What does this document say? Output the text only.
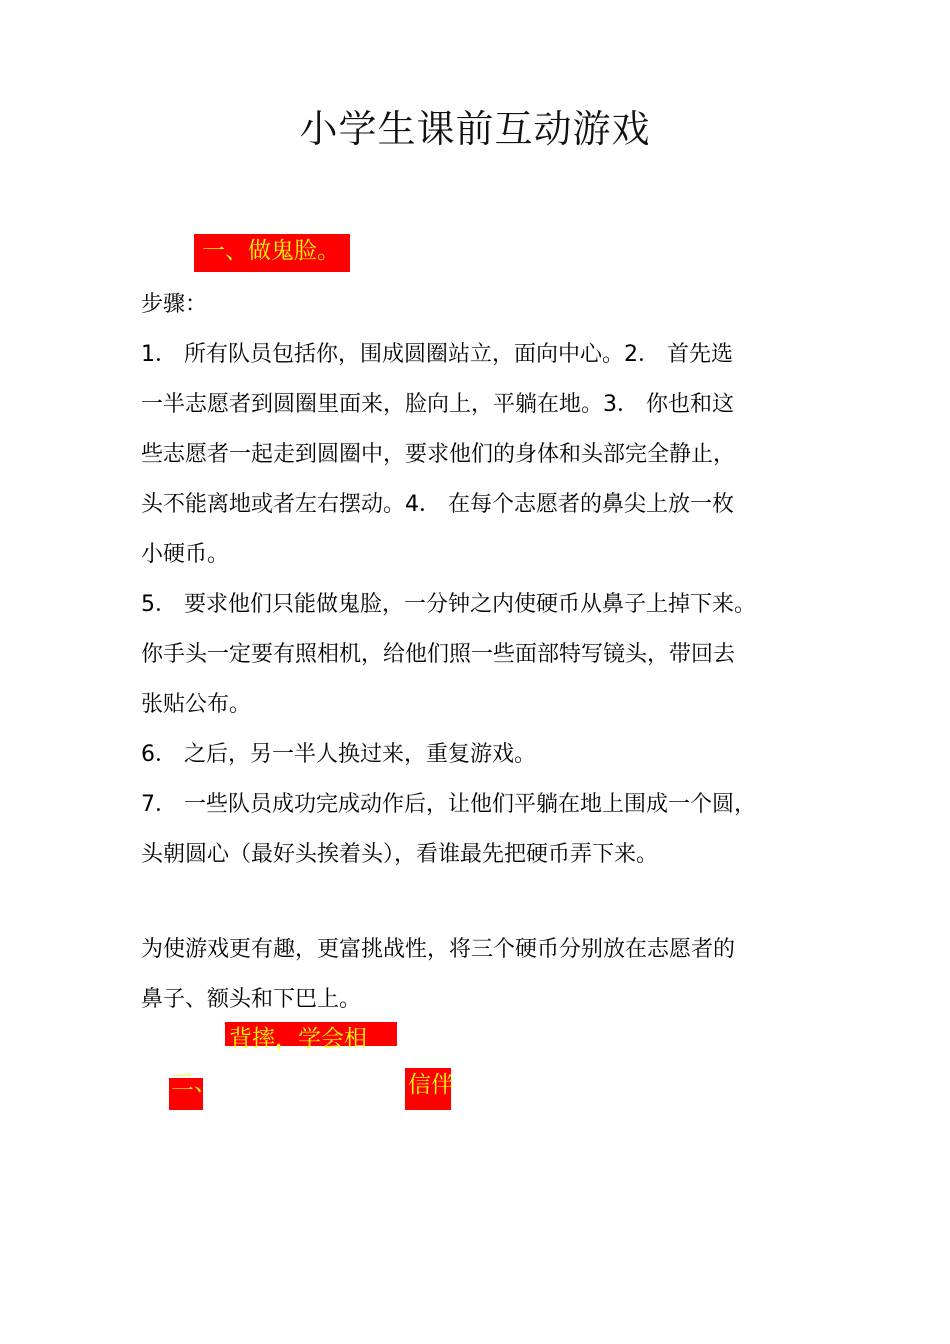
小学生课前互动游戏
一、做鬼脸。
步骤：
1． 所有队员包括你，围成圆圈站立，面向中心。2． 首先选
一半志愿者到圆圈里面来，脸向上，平躺在地。3． 你也和这
些志愿者一起走到圆圈中，要求他们的身体和头部完全静止，
头不能离地或者左右摆动。4． 在每个志愿者的鼻尖上放一枚
小硬币。
5． 要求他们只能做鬼脸，一分钟之内使硬币从鼻子上掉下来。
你手头一定要有照相机，给他们照一些面部特写镜头，带回去
张贴公布。
6． 之后，另一半人换过来，重复游戏。
7． 一些队员成功完成动作后，让他们平躺在地上围成一个圆，
头朝圆心（最好头挨着头），看谁最先把硬币弄下来。
为使游戏更有趣，更富挑战性，将三个硬币分别放在志愿者的
鼻子、额头和下巴上。
背摔，学会相
二、	信伴
